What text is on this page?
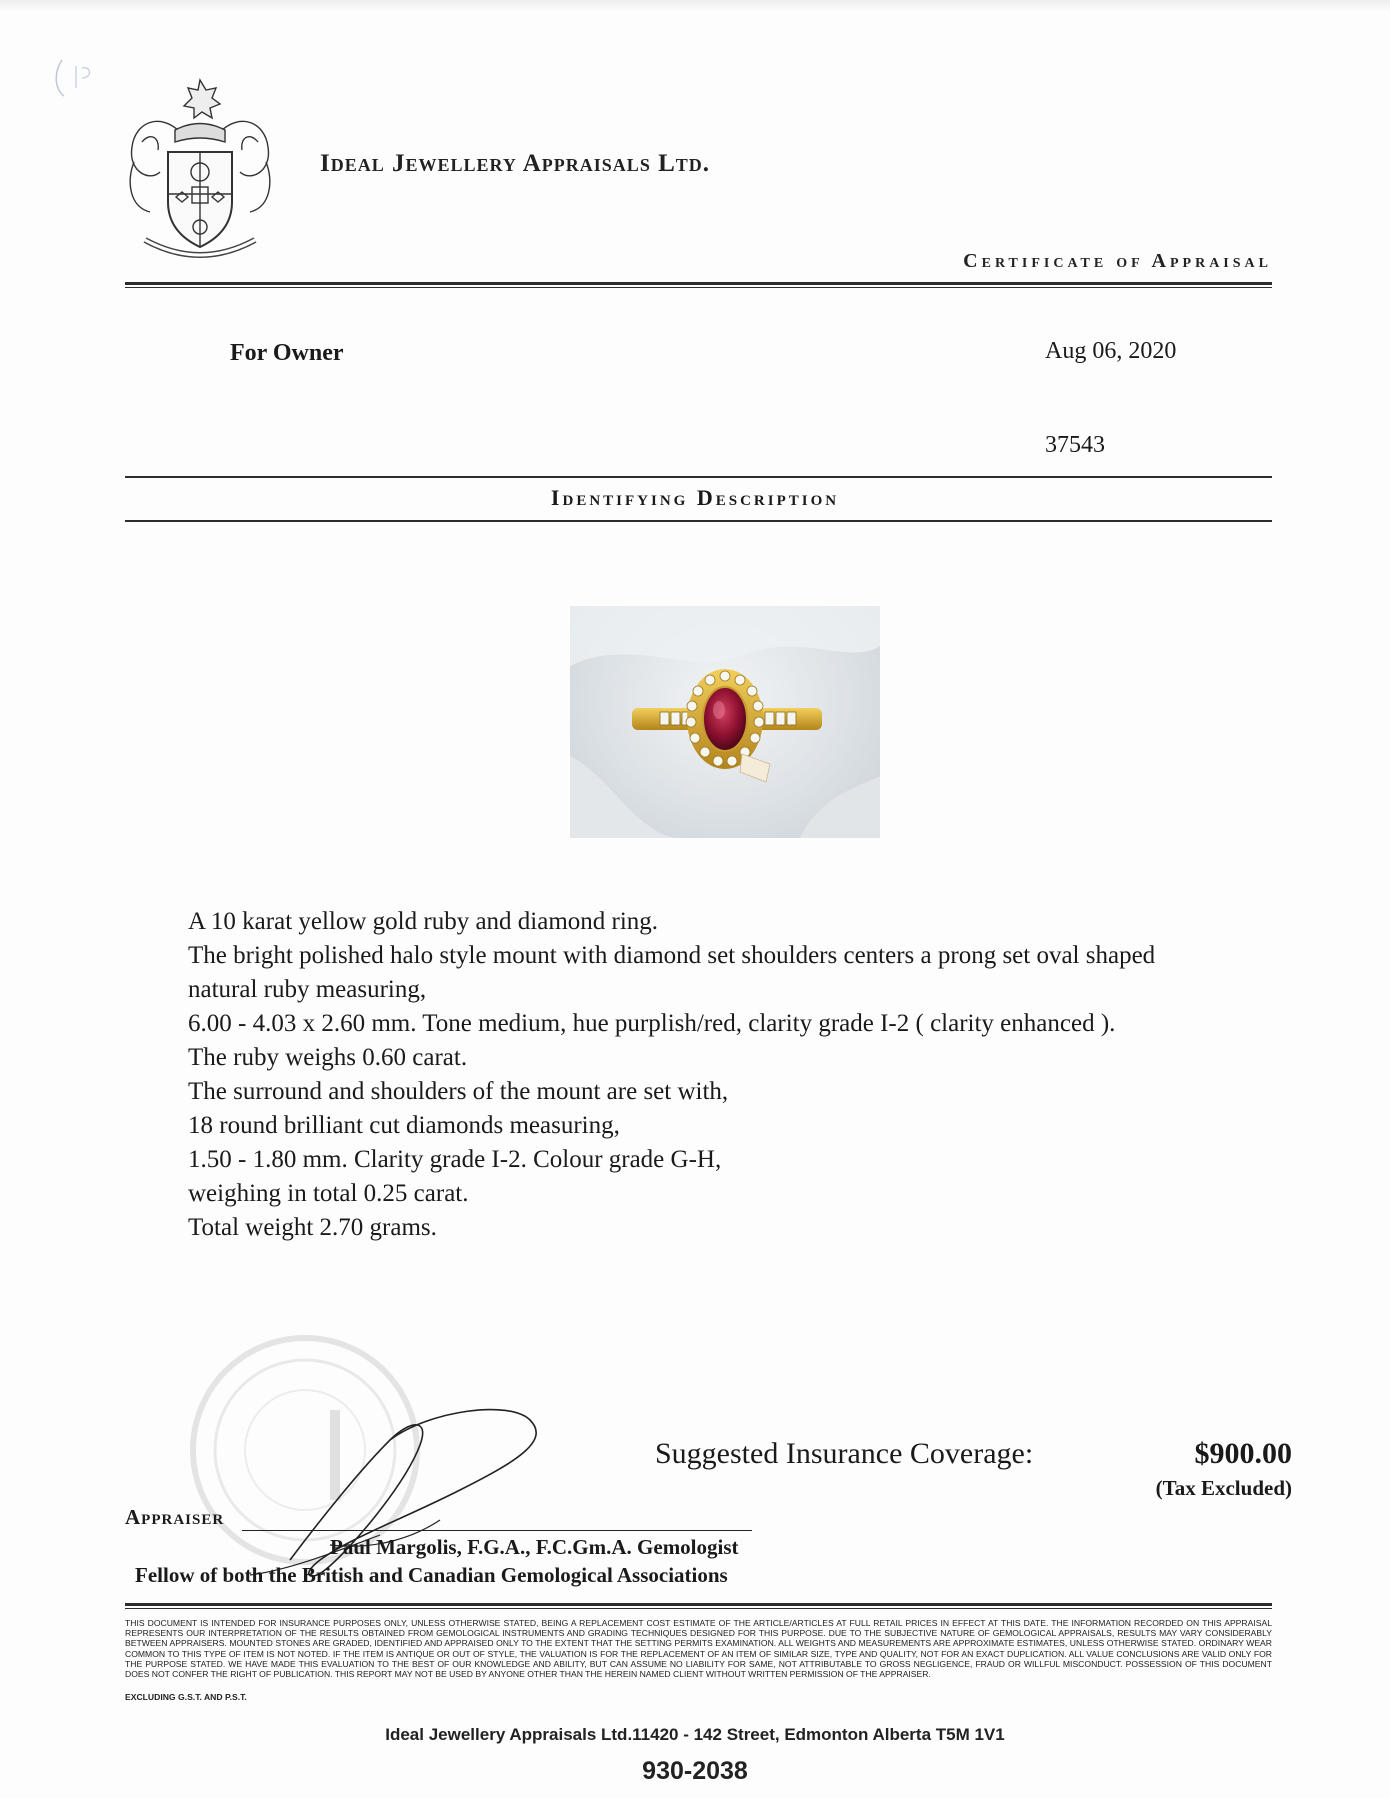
Ideal Jewellery Appraisals Ltd.
Certificate of Appraisal
For Owner	Aug 06, 2020
37543
Identifying Description
A 10 karat yellow gold ruby and diamond ring.
The bright polished halo style mount with diamond set shoulders centers a prong set oval shaped
natural ruby measuring,
6.00 - 4.03 x 2.60 mm. Tone medium, hue purplish/red, clarity grade I-2 ( clarity enhanced ).
The ruby weighs 0.60 carat.
The surround and shoulders of the mount are set with,
18 round brilliant cut diamonds measuring,
1.50 - 1.80 mm. Clarity grade I-2. Colour grade G-H,
weighing in total 0.25 carat.
Total weight 2.70 grams.
Suggested Insurance Coverage:	$900.00
(Tax Excluded)
Appraiser
Paul Margolis, F.G.A., F.C.Gm.A. Gemologist
Fellow of both the British and Canadian Gemological Associations
THIS DOCUMENT IS INTENDED FOR INSURANCE PURPOSES ONLY, UNLESS OTHERWISE STATED, BEING A REPLACEMENT COST ESTIMATE OF THE ARTICLE/ARTICLES AT FULL RETAIL PRICES IN EFFECT AT THIS DATE. THE INFORMATION RECORDED ON THIS APPRAISAL REPRESENTS OUR INTERPRETATION OF THE RESULTS OBTAINED FROM GEMOLOGICAL INSTRUMENTS AND GRADING TECHNIQUES DESIGNED FOR THIS PURPOSE. DUE TO THE SUBJECTIVE NATURE OF GEMOLOGICAL APPRAISALS, RESULTS MAY VARY CONSIDERABLY BETWEEN APPRAISERS. MOUNTED STONES ARE GRADED, IDENTIFIED AND APPRAISED ONLY TO THE EXTENT THAT THE SETTING PERMITS EXAMINATION. ALL WEIGHTS AND MEASUREMENTS ARE APPROXIMATE ESTIMATES, UNLESS OTHERWISE STATED. ORDINARY WEAR COMMON TO THIS TYPE OF ITEM IS NOT NOTED. IF THE ITEM IS ANTIQUE OR OUT OF STYLE, THE VALUATION IS FOR THE REPLACEMENT OF AN ITEM OF SIMILAR SIZE, TYPE AND QUALITY, NOT FOR AN EXACT DUPLICATION. ALL VALUE CONCLUSIONS ARE VALID ONLY FOR THE PURPOSE STATED. WE HAVE MADE THIS EVALUATION TO THE BEST OF OUR KNOWLEDGE AND ABILITY, BUT CAN ASSUME NO LIABILITY FOR SAME, NOT ATTRIBUTABLE TO GROSS NEGLIGENCE, FRAUD OR WILLFUL MISCONDUCT. POSSESSION OF THIS DOCUMENT DOES NOT CONFER THE RIGHT OF PUBLICATION. THIS REPORT MAY NOT BE USED BY ANYONE OTHER THAN THE HEREIN NAMED CLIENT WITHOUT WRITTEN PERMISSION OF THE APPRAISER.
EXCLUDING G.S.T. AND P.S.T.
Ideal Jewellery Appraisals Ltd.11420 - 142 Street, Edmonton Alberta T5M 1V1
930-2038
